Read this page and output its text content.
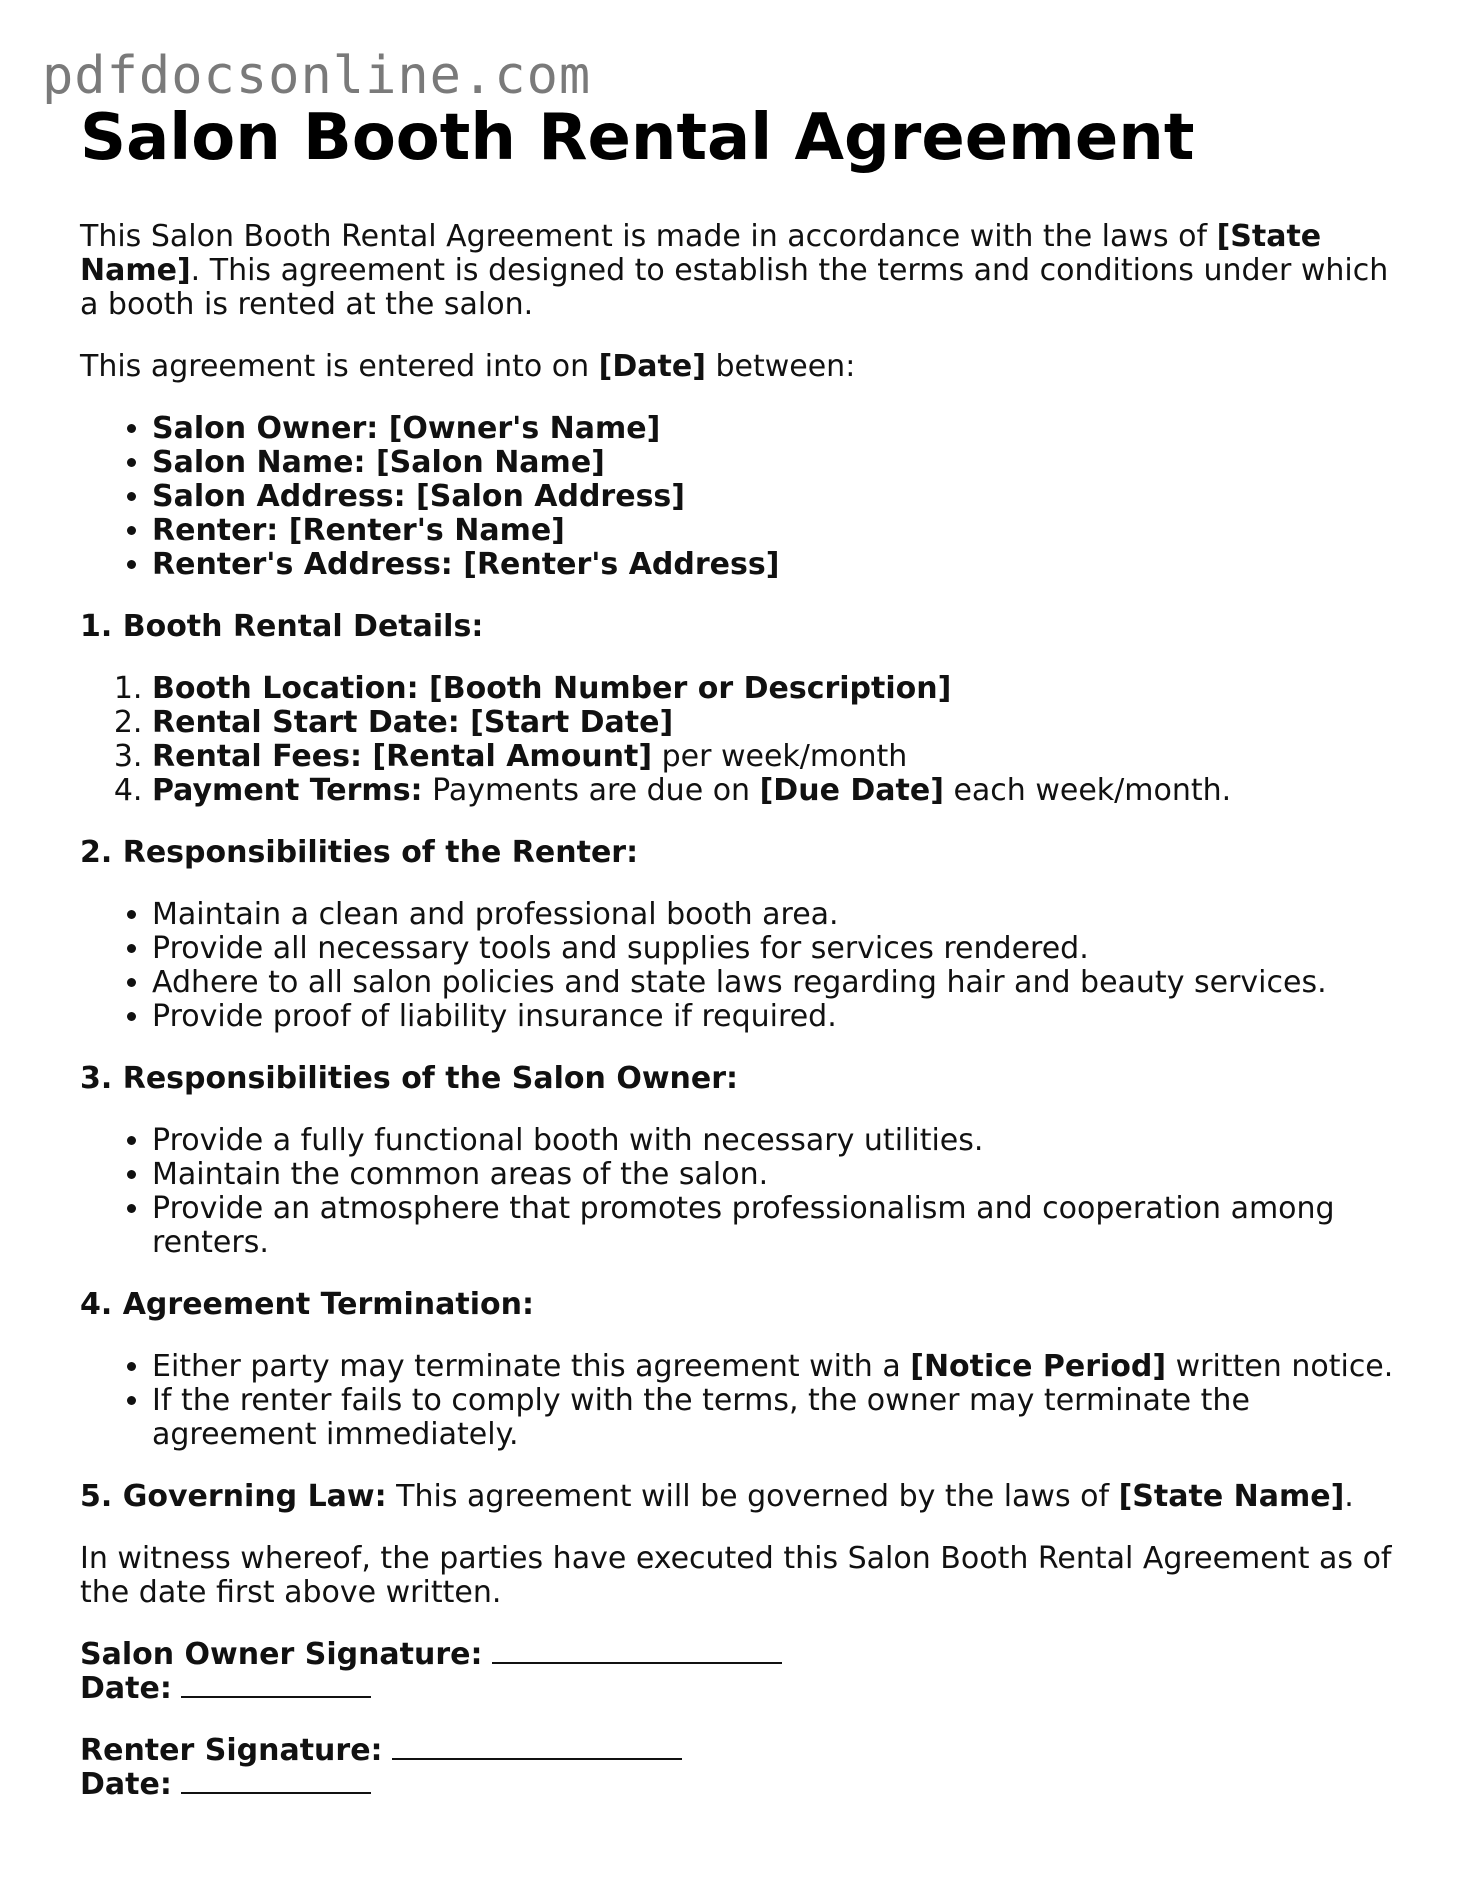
pdfdocsonline.com
Salon Booth Rental Agreement

This Salon Booth Rental Agreement is made in accordance with the laws of [State Name]. This agreement is designed to establish the terms and conditions under which a booth is rented at the salon.

This agreement is entered into on [Date] between:

• Salon Owner: [Owner's Name]
• Salon Name: [Salon Name]
• Salon Address: [Salon Address]
• Renter: [Renter's Name]
• Renter's Address: [Renter's Address]
1. Booth Rental Details:
1. Booth Location: [Booth Number or Description]
2. Rental Start Date: [Start Date]
3. Rental Fees: [Rental Amount] per week/month
4. Payment Terms: Payments are due on [Due Date] each week/month.
2. Responsibilities of the Renter:
• Maintain a clean and professional booth area.
• Provide all necessary tools and supplies for services rendered.
• Adhere to all salon policies and state laws regarding hair and beauty services.
• Provide proof of liability insurance if required.
3. Responsibilities of the Salon Owner:
• Provide a fully functional booth with necessary utilities.
• Maintain the common areas of the salon.
• Provide an atmosphere that promotes professionalism and cooperation among renters.
4. Agreement Termination:
• Either party may terminate this agreement with a [Notice Period] written notice.
• If the renter fails to comply with the terms, the owner may terminate the agreement immediately.

5. Governing Law: This agreement will be governed by the laws of [State Name].

In witness whereof, the parties have executed this Salon Booth Rental Agreement as of the date first above written.

Salon Owner Signature:

Date:

Renter Signature:

Date:
